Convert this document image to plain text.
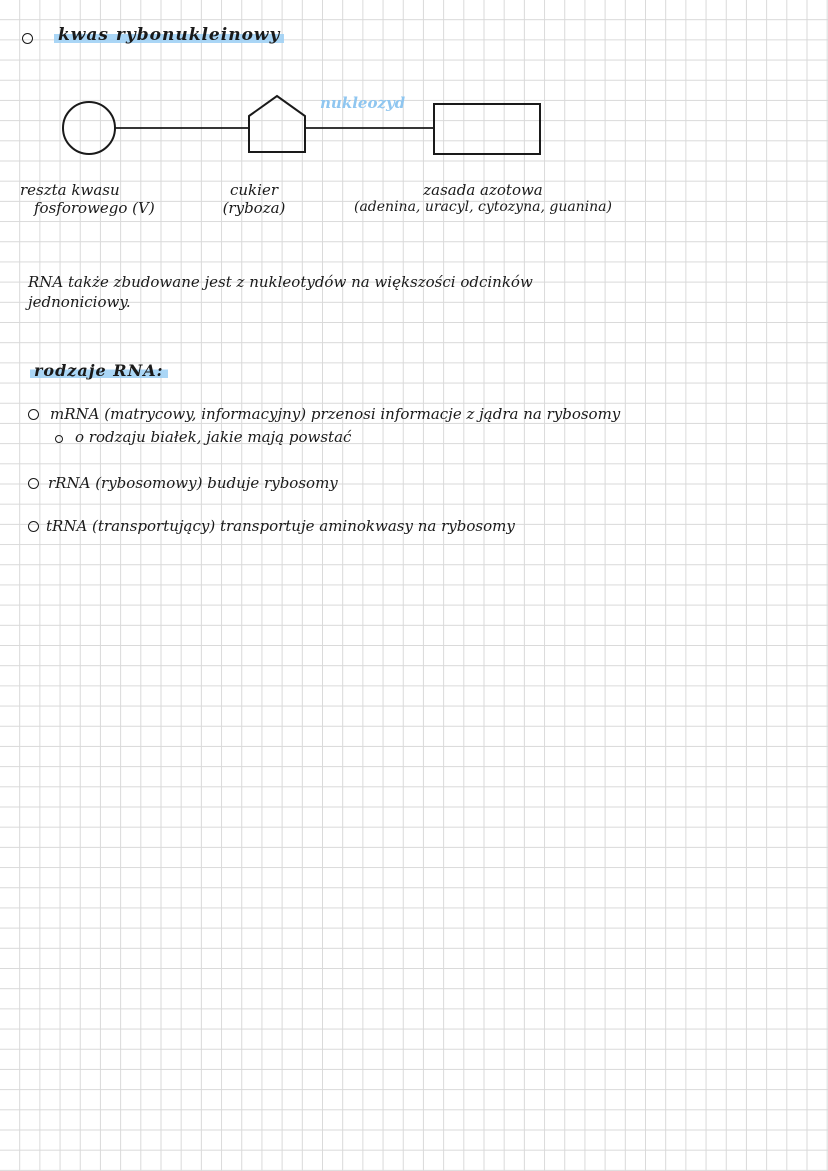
kwas rybonukleinowy
nukleozyd
reszta kwasu
fosforowego (V)
cukier
(ryboza)
zasada azotowa
(adenina, uracyl, cytozyna, guanina)
RNA także zbudowane jest z nukleotydów na większości odcinków
jednoniciowy.
rodzaje RNA:
mRNA (matrycowy, informacyjny) przenosi informacje z jądra na rybosomy
o rodzaju białek, jakie mają powstać
rRNA (rybosomowy) buduje rybosomy
tRNA (transportujący) transportuje aminokwasy na rybosomy
